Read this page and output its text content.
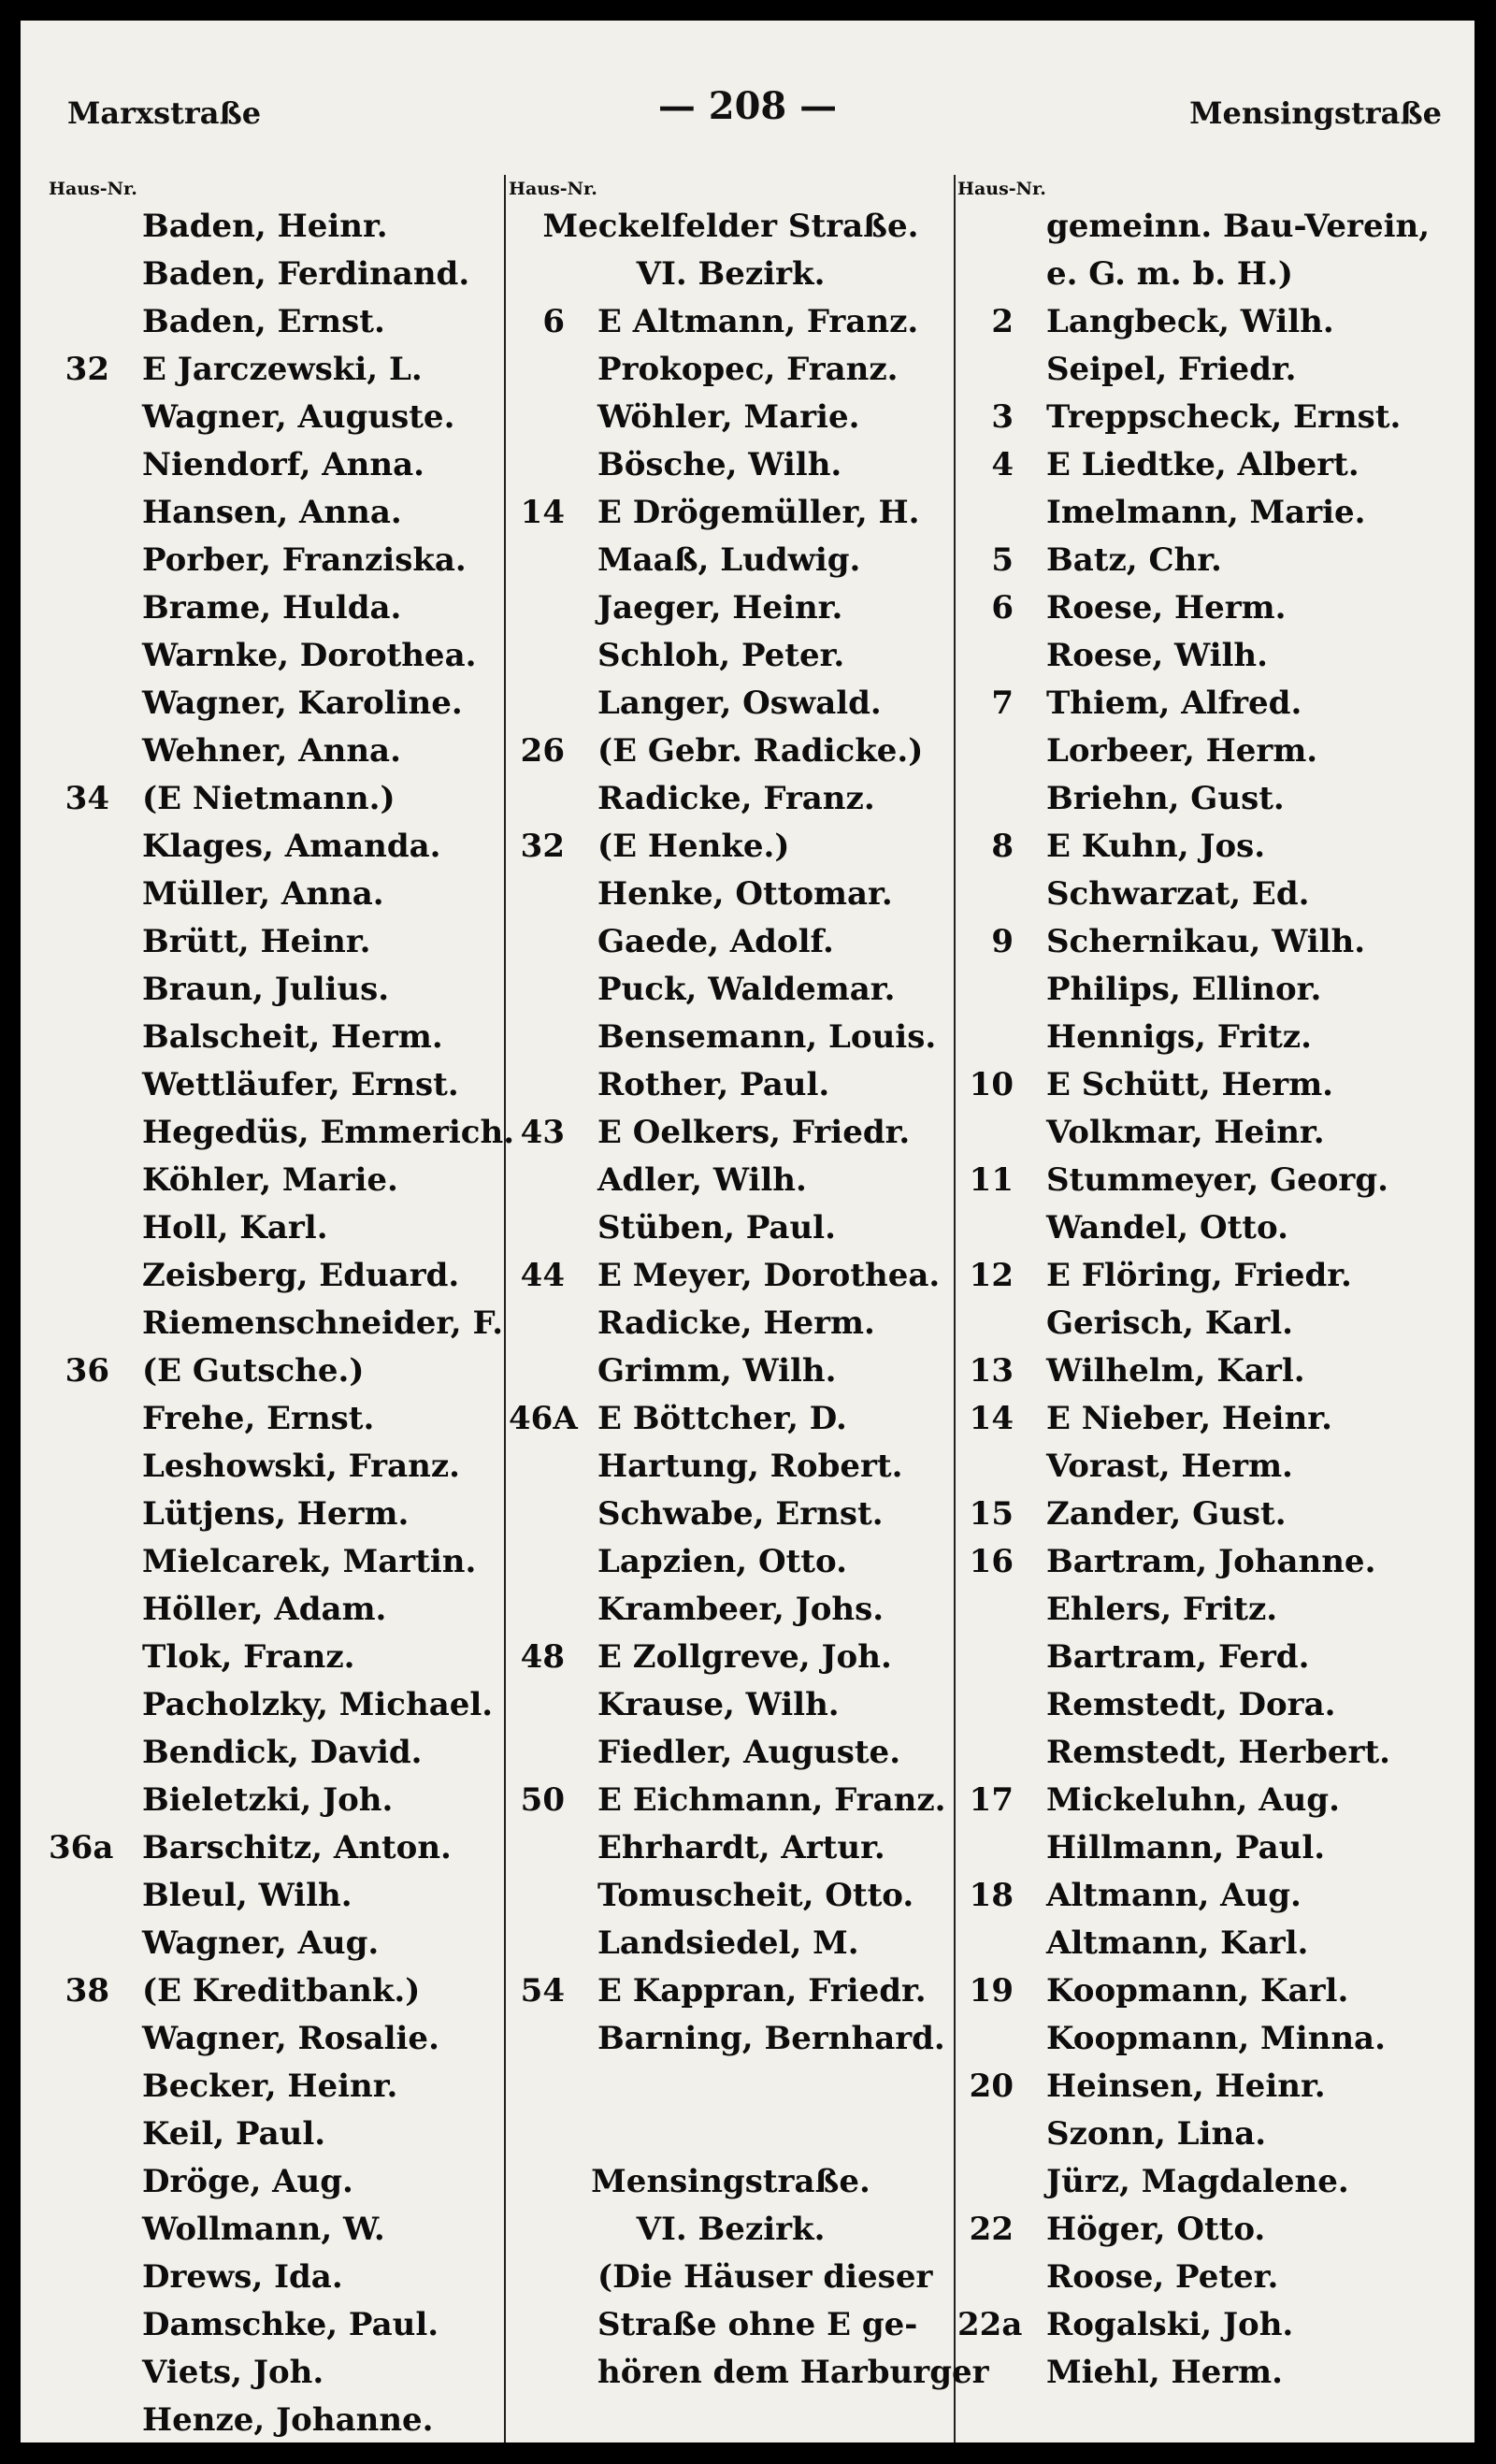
— 208 —
Marxstraße	Mensingstraße
Haus-Nr.
Baden, Heinr.
Baden, Ferdinand.
Baden, Ernst.
32 E Jarczewski, L.
Wagner, Auguste.
Niendorf, Anna.
Hansen, Anna.
Porber, Franziska.
Brame, Hulda.
Warnke, Dorothea.
Wagner, Karoline.
Wehner, Anna.
34 (E Nietmann.)
Klages, Amanda.
Müller, Anna.
Brütt, Heinr.
Braun, Julius.
Balscheit, Herm.
Wettläufer, Ernst.
Hegedüs, Emmerich.
Köhler, Marie.
Holl, Karl.
Zeisberg, Eduard.
Riemenschneider, F.
36 (E Gutsche.)
Frehe, Ernst.
Leshowski, Franz.
Lütjens, Herm.
Mielcarek, Martin.
Höller, Adam.
Tlok, Franz.
Pacholzky, Michael.
Bendick, David.
Bieletzki, Joh.
36a Barschitz, Anton.
Bleul, Wilh.
Wagner, Aug.
38 (E Kreditbank.)
Wagner, Rosalie.
Becker, Heinr.
Keil, Paul.
Dröge, Aug.
Wollmann, W.
Drews, Ida.
Damschke, Paul.
Viets, Joh.
Henze, Johanne.
Haus-Nr.
Meckelfelder Straße.
VI. Bezirk.
6 E Altmann, Franz.
Prokopec, Franz.
Wöhler, Marie.
Bösche, Wilh.
14 E Drögemüller, H.
Maaß, Ludwig.
Jaeger, Heinr.
Schloh, Peter.
Langer, Oswald.
26 (E Gebr. Radicke.)
Radicke, Franz.
32 (E Henke.)
Henke, Ottomar.
Gaede, Adolf.
Puck, Waldemar.
Bensemann, Louis.
Rother, Paul.
43 E Oelkers, Friedr.
Adler, Wilh.
Stüben, Paul.
44 E Meyer, Dorothea.
Radicke, Herm.
Grimm, Wilh.
46A E Böttcher, D.
Hartung, Robert.
Schwabe, Ernst.
Lapzien, Otto.
Krambeer, Johs.
48 E Zollgreve, Joh.
Krause, Wilh.
Fiedler, Auguste.
50 E Eichmann, Franz.
Ehrhardt, Artur.
Tomuscheit, Otto.
Landsiedel, M.
54 E Kappran, Friedr.
Barning, Bernhard.
Mensingstraße.
VI. Bezirk.
(Die Häuser dieser
Straße ohne E ge-
hören dem Harburger
Haus-Nr.
gemeinn. Bau-Verein,
e. G. m. b. H.)
2 Langbeck, Wilh.
Seipel, Friedr.
3 Treppscheck, Ernst.
4 E Liedtke, Albert.
Imelmann, Marie.
5 Batz, Chr.
6 Roese, Herm.
Roese, Wilh.
7 Thiem, Alfred.
Lorbeer, Herm.
Briehn, Gust.
8 E Kuhn, Jos.
Schwarzat, Ed.
9 Schernikau, Wilh.
Philips, Ellinor.
Hennigs, Fritz.
10 E Schütt, Herm.
Volkmar, Heinr.
11 Stummeyer, Georg.
Wandel, Otto.
12 E Flöring, Friedr.
Gerisch, Karl.
13 Wilhelm, Karl.
14 E Nieber, Heinr.
Vorast, Herm.
15 Zander, Gust.
16 Bartram, Johanne.
Ehlers, Fritz.
Bartram, Ferd.
Remstedt, Dora.
Remstedt, Herbert.
17 Mickeluhn, Aug.
Hillmann, Paul.
18 Altmann, Aug.
Altmann, Karl.
19 Koopmann, Karl.
Koopmann, Minna.
20 Heinsen, Heinr.
Szonn, Lina.
Jürz, Magdalene.
22 Höger, Otto.
Roose, Peter.
22a Rogalski, Joh.
Miehl, Herm.
